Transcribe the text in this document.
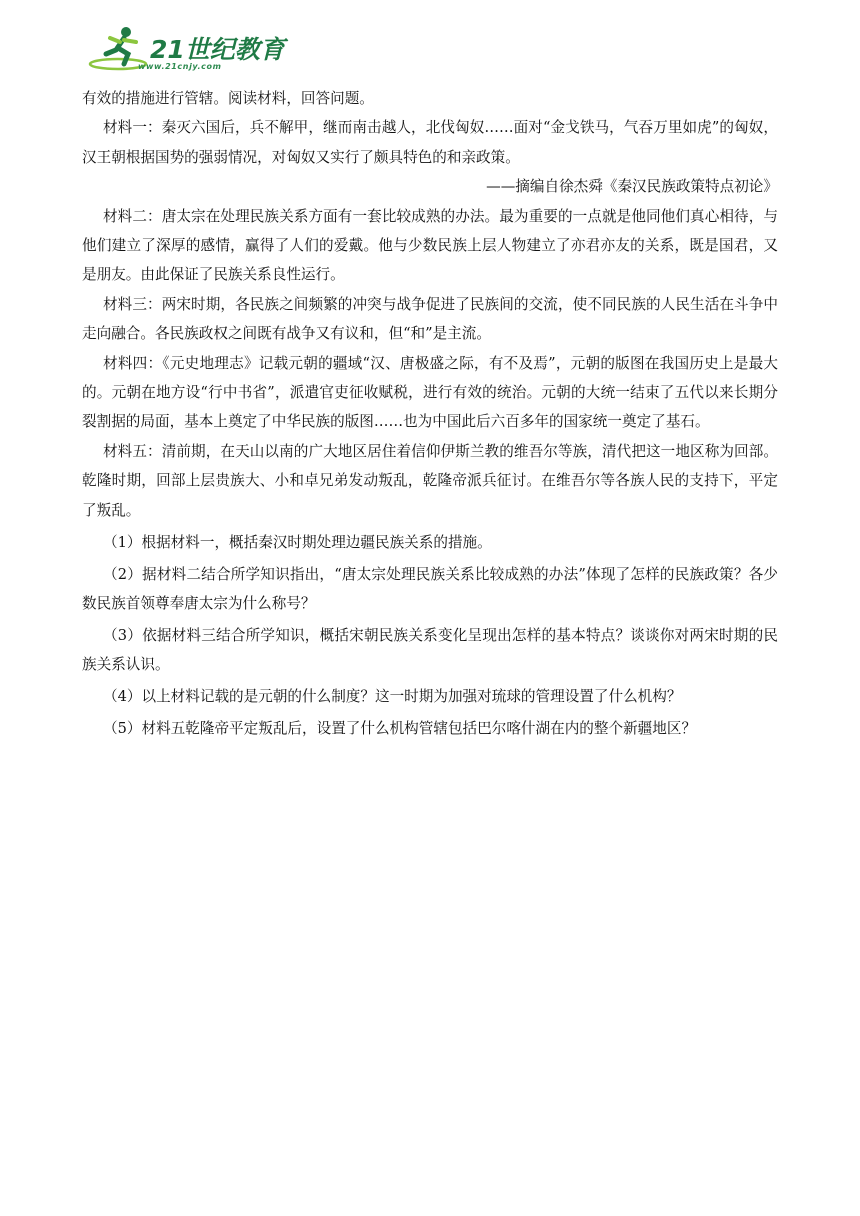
21世纪教育
www.21cnjy.com

有效的措施进行管辖。阅读材料，回答问题。

材料一：秦灭六国后，兵不解甲，继而南击越人，北伐匈奴……面对“金戈铁马，气吞万里如虎”的匈奴，汉王朝根据国势的强弱情况，对匈奴又实行了颇具特色的和亲政策。

——摘编自徐杰舜《秦汉民族政策特点初论》

材料二：唐太宗在处理民族关系方面有一套比较成熟的办法。最为重要的一点就是他同他们真心相待，与他们建立了深厚的感情，赢得了人们的爱戴。他与少数民族上层人物建立了亦君亦友的关系，既是国君，又是朋友。由此保证了民族关系良性运行。

材料三：两宋时期，各民族之间频繁的冲突与战争促进了民族间的交流，使不同民族的人民生活在斗争中走向融合。各民族政权之间既有战争又有议和，但“和”是主流。

材料四：《元史地理志》记载元朝的疆域“汉、唐极盛之际，有不及焉”，元朝的版图在我国历史上是最大的。元朝在地方设“行中书省”，派遣官吏征收赋税，进行有效的统治。元朝的大统一结束了五代以来长期分裂割据的局面，基本上奠定了中华民族的版图……也为中国此后六百多年的国家统一奠定了基石。

材料五：清前期，在天山以南的广大地区居住着信仰伊斯兰教的维吾尔等族，清代把这一地区称为回部。乾隆时期，回部上层贵族大、小和卓兄弟发动叛乱，乾隆帝派兵征讨。在维吾尔等各族人民的支持下，平定了叛乱。

（1）根据材料一，概括秦汉时期处理边疆民族关系的措施。

（2）据材料二结合所学知识指出，“唐太宗处理民族关系比较成熟的办法”体现了怎样的民族政策？各少数民族首领尊奉唐太宗为什么称号？

（3）依据材料三结合所学知识，概括宋朝民族关系变化呈现出怎样的基本特点？谈谈你对两宋时期的民族关系认识。

（4）以上材料记载的是元朝的什么制度？这一时期为加强对琉球的管理设置了什么机构？

（5）材料五乾隆帝平定叛乱后，设置了什么机构管辖包括巴尔喀什湖在内的整个新疆地区？
